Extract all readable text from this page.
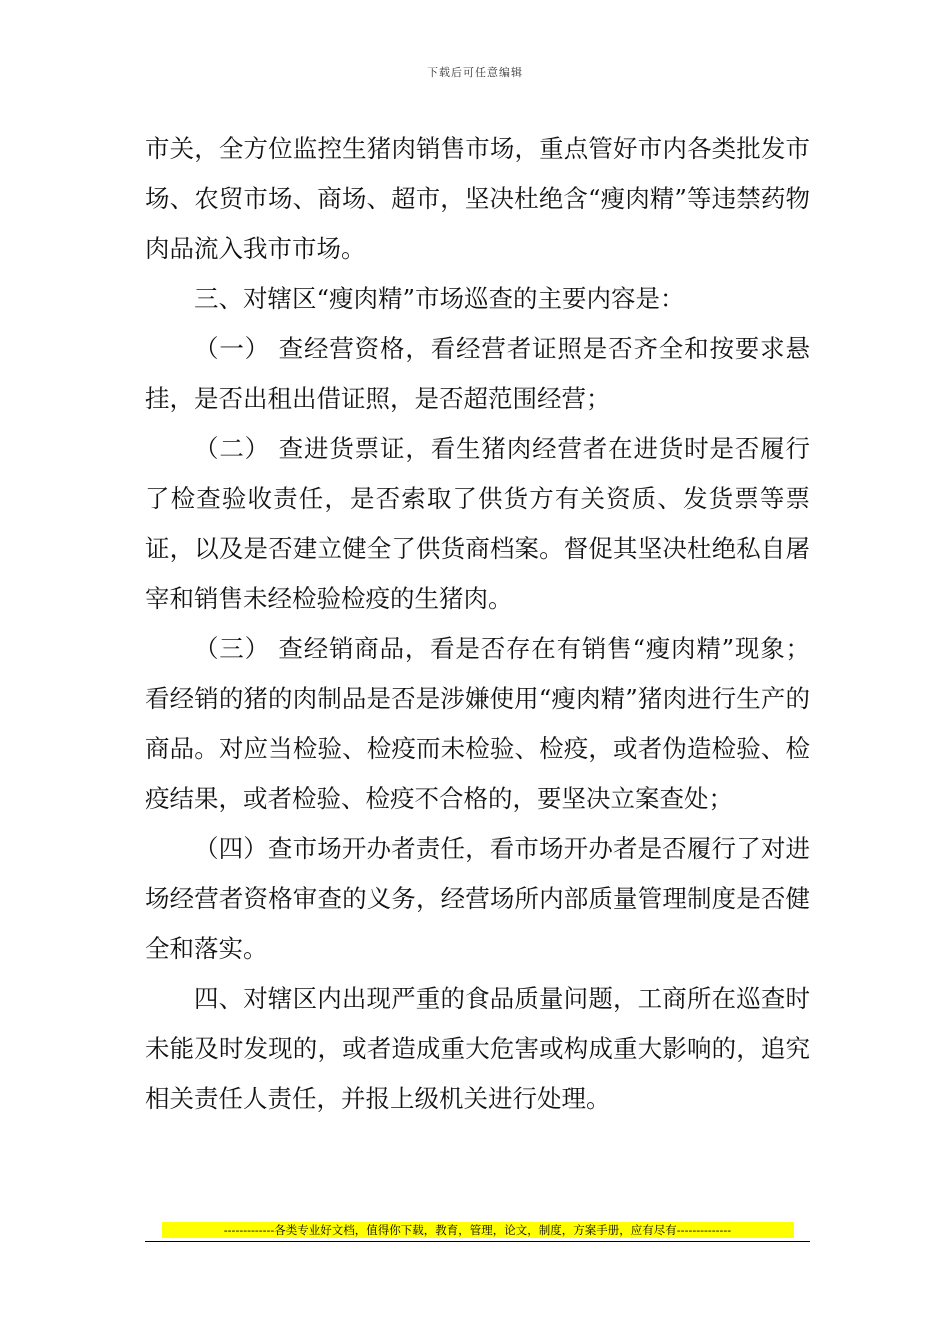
下载后可任意编辑

市关，全方位监控生猪肉销售市场，重点管好市内各类批发市场、农贸市场、商场、超市，坚决杜绝含“瘦肉精”等违禁药物肉品流入我市市场。

三、对辖区“瘦肉精”市场巡查的主要内容是：

（一） 查经营资格，看经营者证照是否齐全和按要求悬挂，是否出租出借证照，是否超范围经营；

（二） 查进货票证，看生猪肉经营者在进货时是否履行了检查验收责任，是否索取了供货方有关资质、发货票等票证，以及是否建立健全了供货商档案。督促其坚决杜绝私自屠宰和销售未经检验检疫的生猪肉。

（三） 查经销商品，看是否存在有销售“瘦肉精”现象；看经销的猪的肉制品是否是涉嫌使用“瘦肉精”猪肉进行生产的商品。对应当检验、检疫而未检验、检疫，或者伪造检验、检疫结果，或者检验、检疫不合格的，要坚决立案查处；

（四）查市场开办者责任，看市场开办者是否履行了对进场经营者资格审查的义务，经营场所内部质量管理制度是否健全和落实。

四、对辖区内出现严重的食品质量问题，工商所在巡查时未能及时发现的，或者造成重大危害或构成重大影响的，追究相关责任人责任，并报上级机关进行处理。

-------------各类专业好文档，值得你下载，教育，管理，论文，制度，方案手册，应有尽有--------------
